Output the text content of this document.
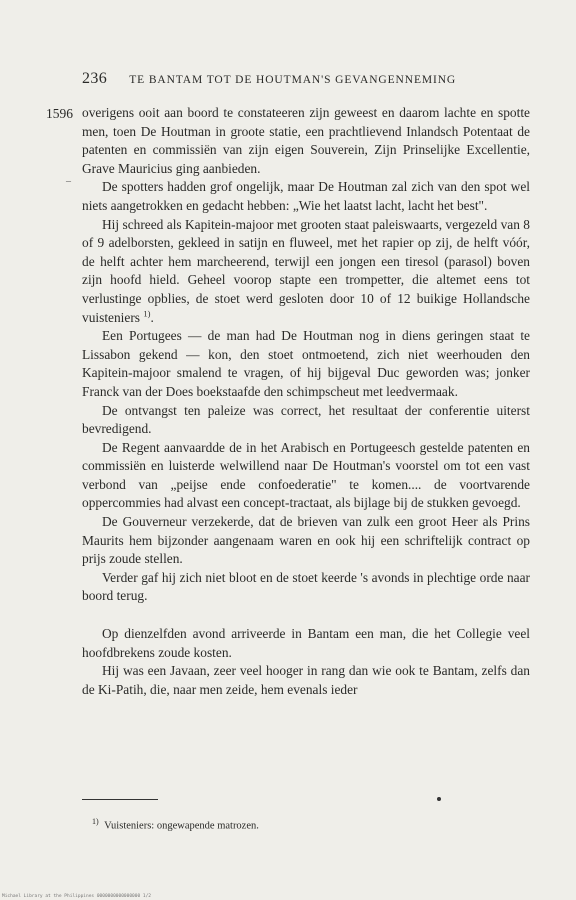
236 TE BANTAM TOT DE HOUTMAN'S GEVANGENNEMING
1596
–

overigens ooit aan boord te constateeren zijn geweest en daarom lachte en spotte men, toen De Houtman in groote statie, een prachtlievend Inlandsch Potentaat de patenten en commissiën van zijn eigen Souverein, Zijn Prinselijke Excellentie, Grave Mauricius ging aanbieden.

De spotters hadden grof ongelijk, maar De Houtman zal zich van den spot wel niets aangetrokken en gedacht hebben: „Wie het laatst lacht, lacht het best".

Hij schreed als Kapitein-majoor met grooten staat paleiswaarts, vergezeld van 8 of 9 adelborsten, gekleed in satijn en fluweel, met het rapier op zij, de helft vóór, de helft achter hem marcheerend, terwijl een jongen een tiresol (parasol) boven zijn hoofd hield. Geheel voorop stapte een trompetter, die altemet eens tot verlustinge opblies, de stoet werd gesloten door 10 of 12 buikige Hollandsche vuisteniers $^{1)}$.

Een Portugees — de man had De Houtman nog in diens geringen staat te Lissabon gekend — kon, den stoet ontmoetend, zich niet weerhouden den Kapitein-majoor smalend te vragen, of hij bijgeval Duc geworden was; jonker Franck van der Does boekstaafde den schimpscheut met leedvermaak.

De ontvangst ten paleize was correct, het resultaat der conferentie uiterst bevredigend.

De Regent aanvaardde de in het Arabisch en Portugeesch gestelde patenten en commissiën en luisterde welwillend naar De Houtman's voorstel om tot een vast verbond van „peijse ende confoederatie" te komen.... de voortvarende oppercommies had alvast een concept-tractaat, als bijlage bij de stukken gevoegd.

De Gouverneur verzekerde, dat de brieven van zulk een groot Heer als Prins Maurits hem bijzonder aangenaam waren en ook hij een schriftelijk contract op prijs zoude stellen.

Verder gaf hij zich niet bloot en de stoet keerde 's avonds in plechtige orde naar boord terug.

Op dienzelfden avond arriveerde in Bantam een man, die het Collegie veel hoofdbrekens zoude kosten.

Hij was een Javaan, zeer veel hooger in rang dan wie ook te Bantam, zelfs dan de Ki-Patih, die, naar men zeide, hem evenals ieder

$^{1)}$ Vuisteniers: ongewapende matrozen.
Michael Library at the Philippines 0000000000000000 1/2
